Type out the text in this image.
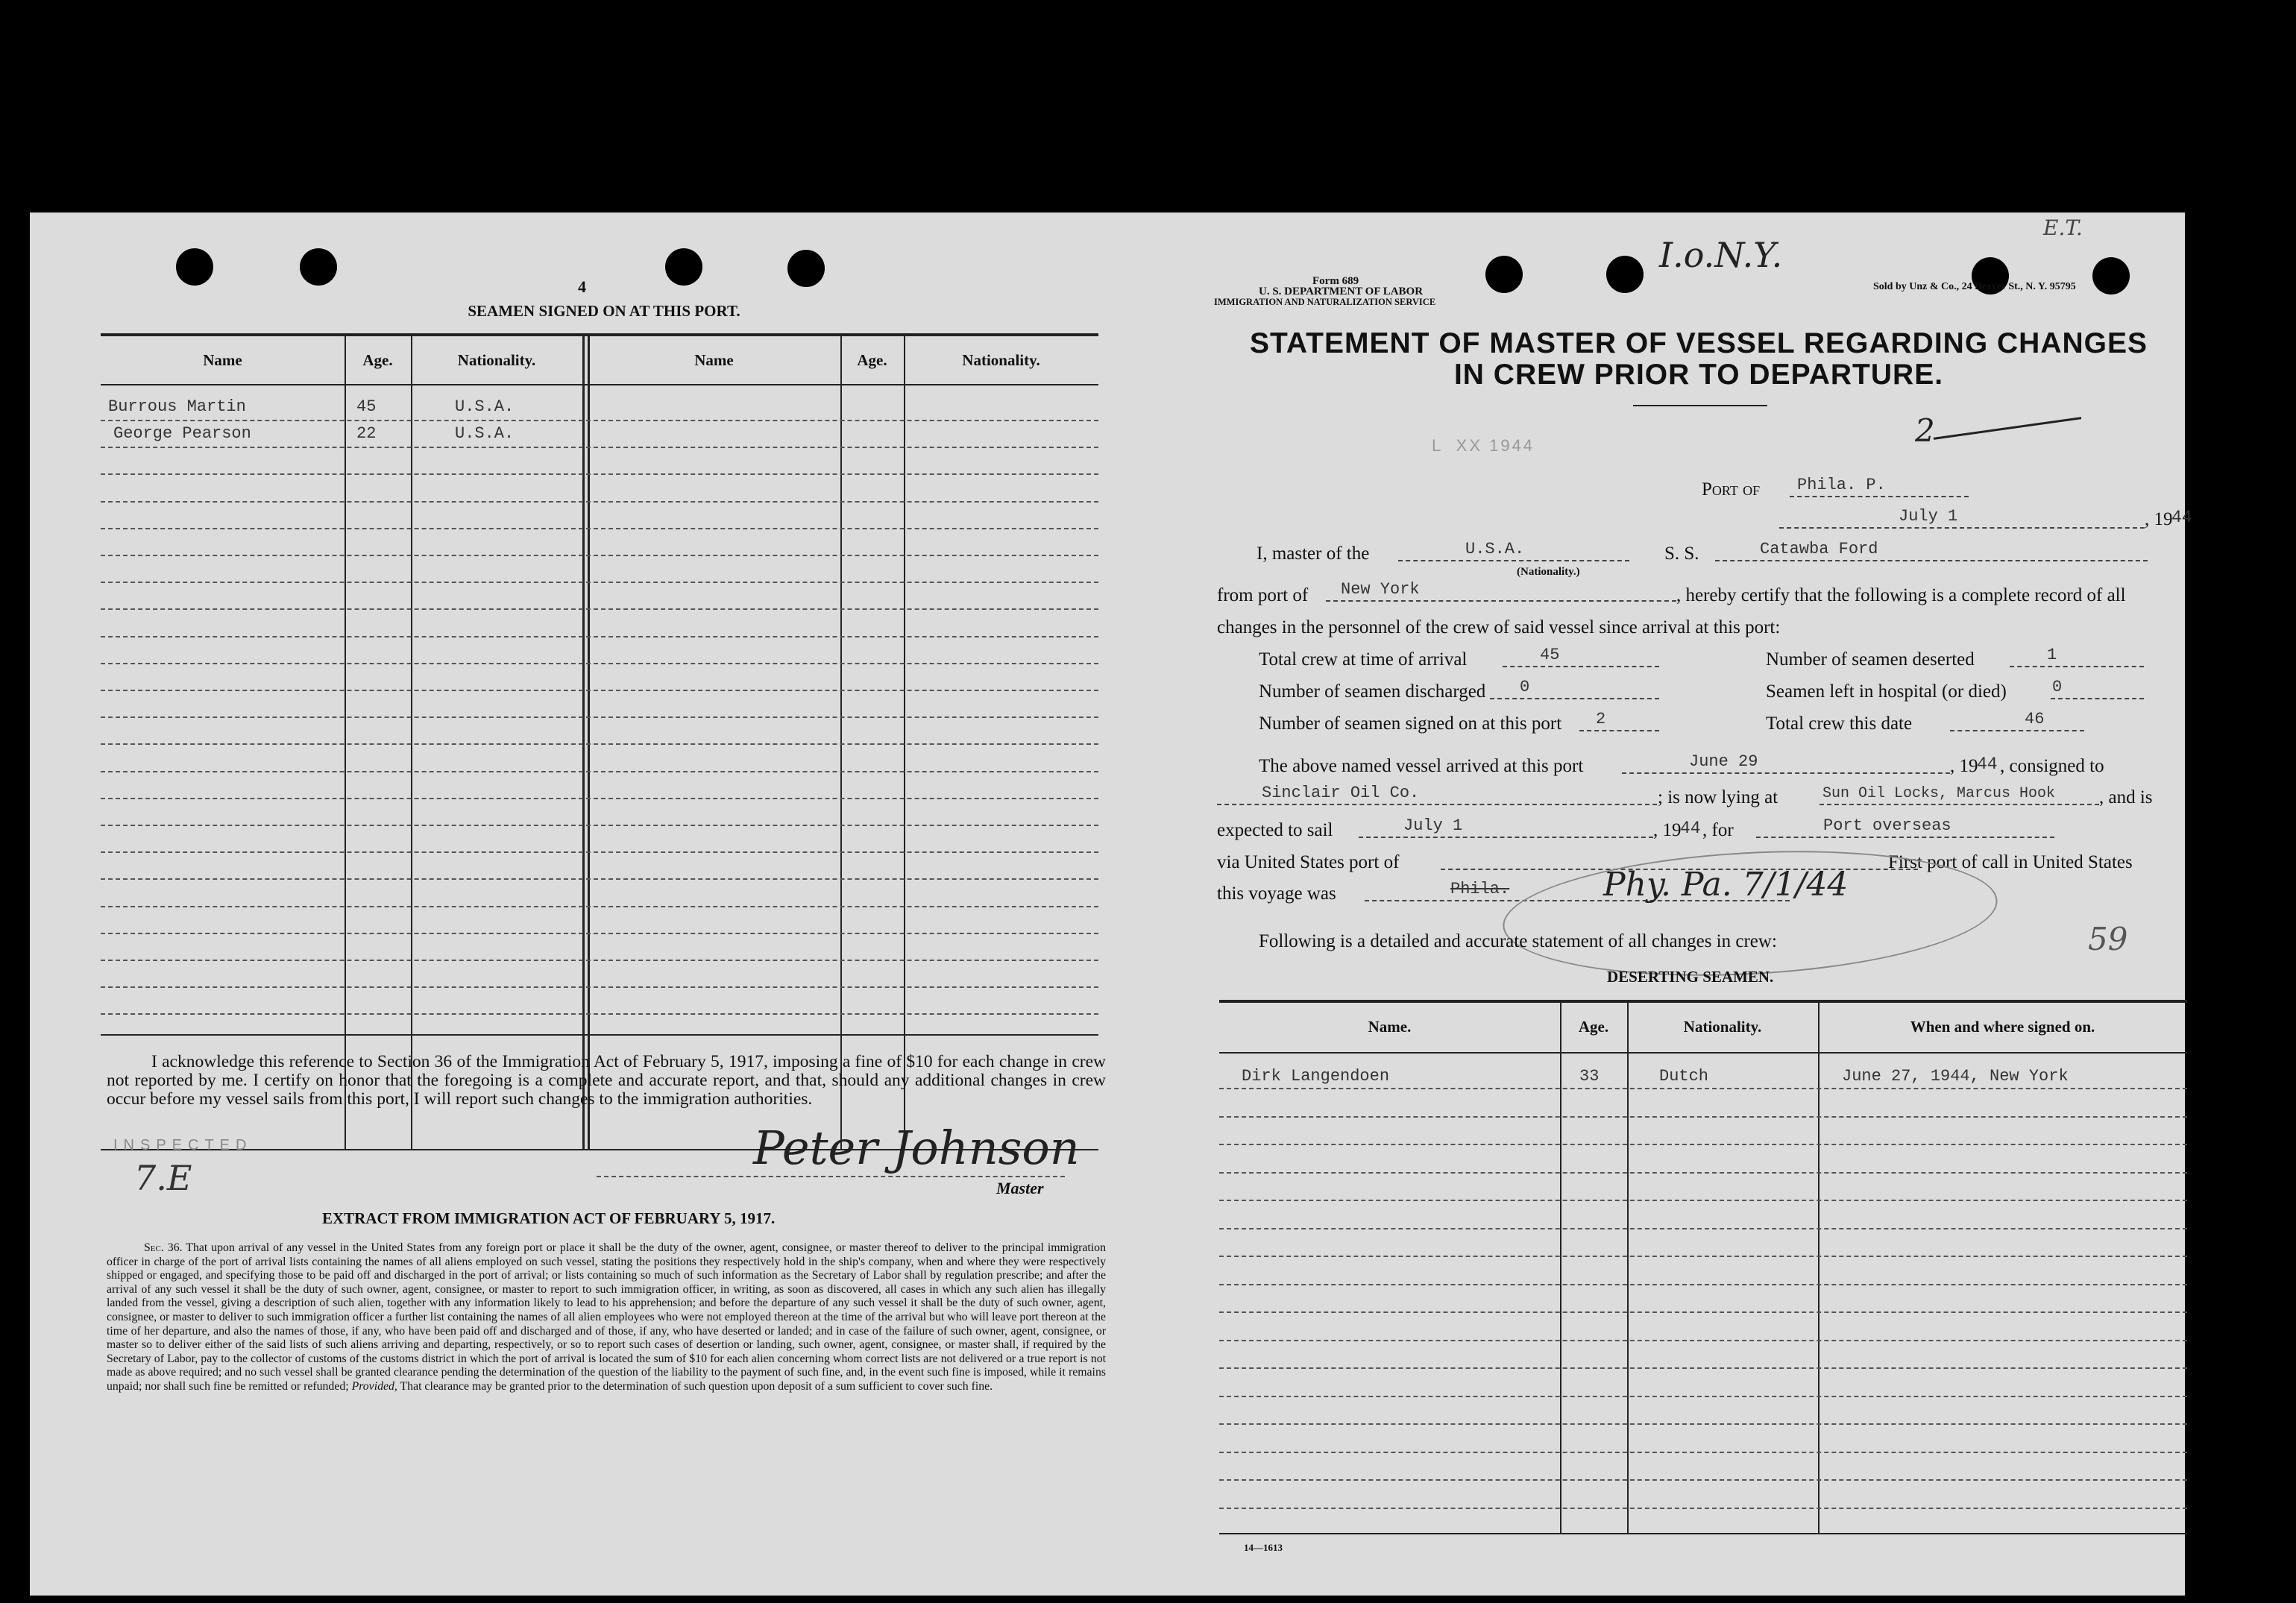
4
SEAMEN SIGNED ON AT THIS PORT.
Name	Age.	Nationality.	Name	Age.	Nationality.
Burrous Martin	45	U.S.A.
George Pearson	22	U.S.A.
I acknowledge this reference to Section 36 of the Immigration Act of February 5, 1917, imposing a fine of $10 for each change in crew not reported by me. I certify on honor that the foregoing is a complete and accurate report, and that, should any additional changes in crew occur before my vessel sails from this port, I will report such changes to the immigration authorities.
INSPECTED
7.E
Peter Johnson
Master
EXTRACT FROM IMMIGRATION ACT OF FEBRUARY 5, 1917.
Sec. 36. That upon arrival of any vessel in the United States from any foreign port or place it shall be the duty of the owner, agent, consignee, or master thereof to deliver to the principal immigration officer in charge of the port of arrival lists containing the names of all aliens employed on such vessel, stating the positions they respectively hold in the ship's company, when and where they were respectively shipped or engaged, and specifying those to be paid off and discharged in the port of arrival; or lists containing so much of such information as the Secretary of Labor shall by regulation prescribe; and after the arrival of any such vessel it shall be the duty of such owner, agent, consignee, or master to report to such immigration officer, in writing, as soon as discovered, all cases in which any such alien has illegally landed from the vessel, giving a description of such alien, together with any information likely to lead to his apprehension; and before the departure of any such vessel it shall be the duty of such owner, agent, consignee, or master to deliver to such immigration officer a further list containing the names of all alien employees who were not employed thereon at the time of the arrival but who will leave port thereon at the time of her departure, and also the names of those, if any, who have been paid off and discharged and of those, if any, who have deserted or landed; and in case of the failure of such owner, agent, consignee, or master so to deliver either of the said lists of such aliens arriving and departing, respectively, or so to report such cases of desertion or landing, such owner, agent, consignee, or master shall, if required by the Secretary of Labor, pay to the collector of customs of the customs district in which the port of arrival is located the sum of $10 for each alien concerning whom correct lists are not delivered or a true report is not made as above required; and no such vessel shall be granted clearance pending the determination of the question of the liability to the payment of such fine, and, in the event such fine is imposed, while it remains unpaid; nor shall such fine be remitted or refunded; Provided, That clearance may be granted prior to the determination of such question upon deposit of a sum sufficient to cover such fine.
Form 689
U. S. DEPARTMENT OF LABOR
IMMIGRATION AND NATURALIZATION SERVICE
Sold by Unz & Co., 24 Beaver St., N. Y. 95795
I.o.N.Y.
E.T.
STATEMENT OF MASTER OF VESSEL REGARDING CHANGES
IN CREW PRIOR TO DEPARTURE.
2
L  XX 1944
Port of Phila. P.
July 1	, 19
44
I, master of the	U.S.A.
(Nationality.)
S. S.	Catawba Ford
from port of New York	, hereby certify that the following is a complete record of all
changes in the personnel of the crew of said vessel since arrival at this port:
Total crew at time of arrival	45
Number of seamen discharged 0
Number of seamen signed on at this port 2
Number of seamen deserted	1
Seamen left in hospital (or died)	0
Total crew this date	46
The above named vessel arrived at this port	June 29	, 19
44 , consigned to
Sinclair Oil Co.	; is now lying at	Sun Oil Locks, Marcus Hook , and is
expected to sail	July 1	, 19
44 , for	Port overseas
via United States port of	First port of call in United States
this voyage was	Phila.	Phy. Pa. 7/1/44
Following is a detailed and accurate statement of all changes in crew:	59
DESERTING SEAMEN.
Name.	Age.	Nationality.	When and where signed on.
Dirk Langendoen	33	Dutch	June 27, 1944, New York
14—1613
